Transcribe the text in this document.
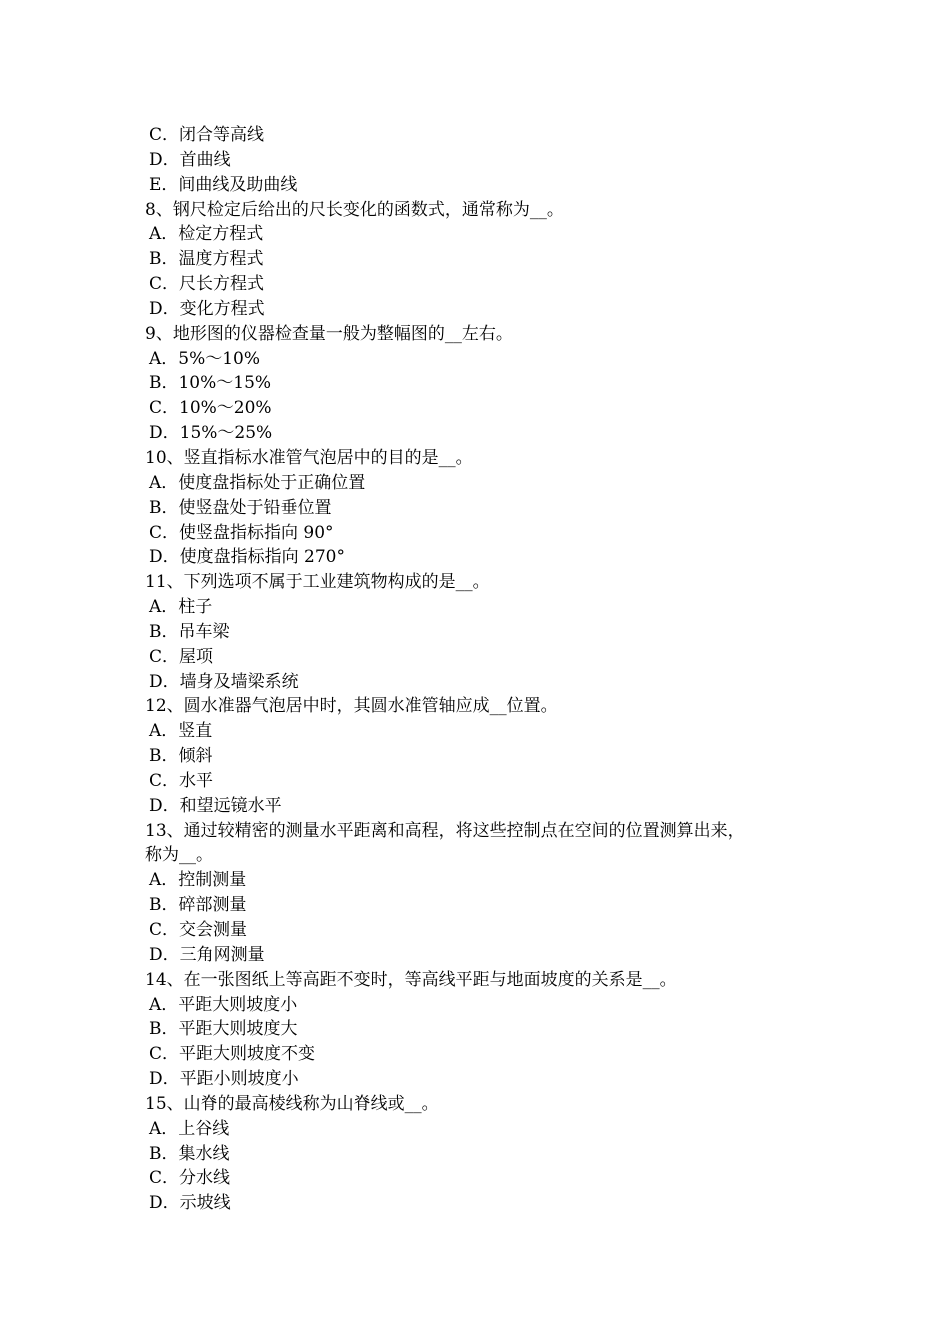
C．闭合等高线
D．首曲线
E．间曲线及助曲线
8、钢尺检定后给出的尺长变化的函数式，通常称为__。
A．检定方程式
B．温度方程式
C．尺长方程式
D．变化方程式
9、地形图的仪器检查量一般为整幅图的__左右。
A．5%～10%
B．10%～15%
C．10%～20%
D．15%～25%
10、竖直指标水准管气泡居中的目的是__。
A．使度盘指标处于正确位置
B．使竖盘处于铅垂位置
C．使竖盘指标指向 90°
D．使度盘指标指向 270°
11、下列选项不属于工业建筑物构成的是__。
A．柱子
B．吊车梁
C．屋项
D．墙身及墙梁系统
12、圆水准器气泡居中时，其圆水准管轴应成__位置。
A．竖直
B．倾斜
C．水平
D．和望远镜水平
13、通过较精密的测量水平距离和高程，将这些控制点在空间的位置测算出来，
称为__。
A．控制测量
B．碎部测量
C．交会测量
D．三角网测量
14、在一张图纸上等高距不变时，等高线平距与地面坡度的关系是__。
A．平距大则坡度小
B．平距大则坡度大
C．平距大则坡度不变
D．平距小则坡度小
15、山脊的最高棱线称为山脊线或__。
A．上谷线
B．集水线
C．分水线
D．示坡线
